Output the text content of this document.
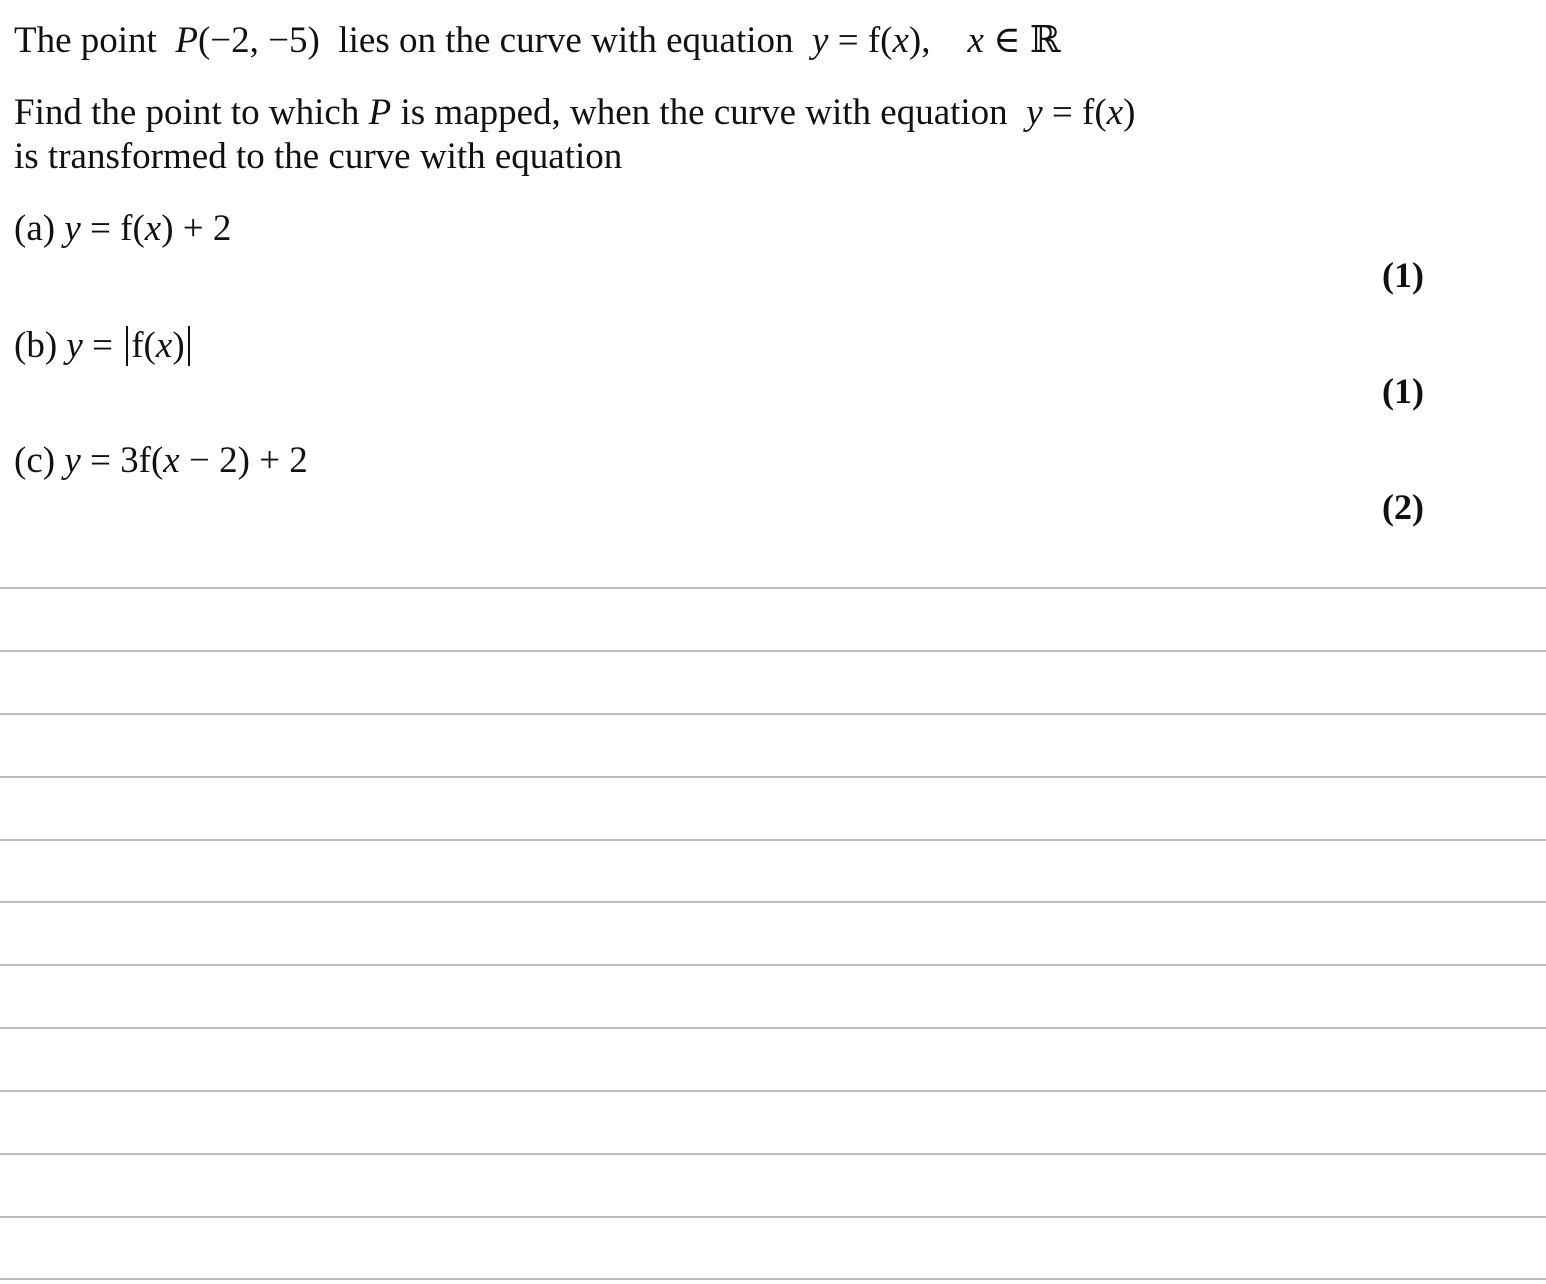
The point  P(−2, −5)  lies on the curve with equation  y = f(x), x ∈ ℝ
Find the point to which P is mapped, when the curve with equation  y = f(x)
is transformed to the curve with equation
(a) y = f(x) + 2
(1)
(b) y = f(x)
(1)
(c) y = 3f(x − 2) + 2
(2)
